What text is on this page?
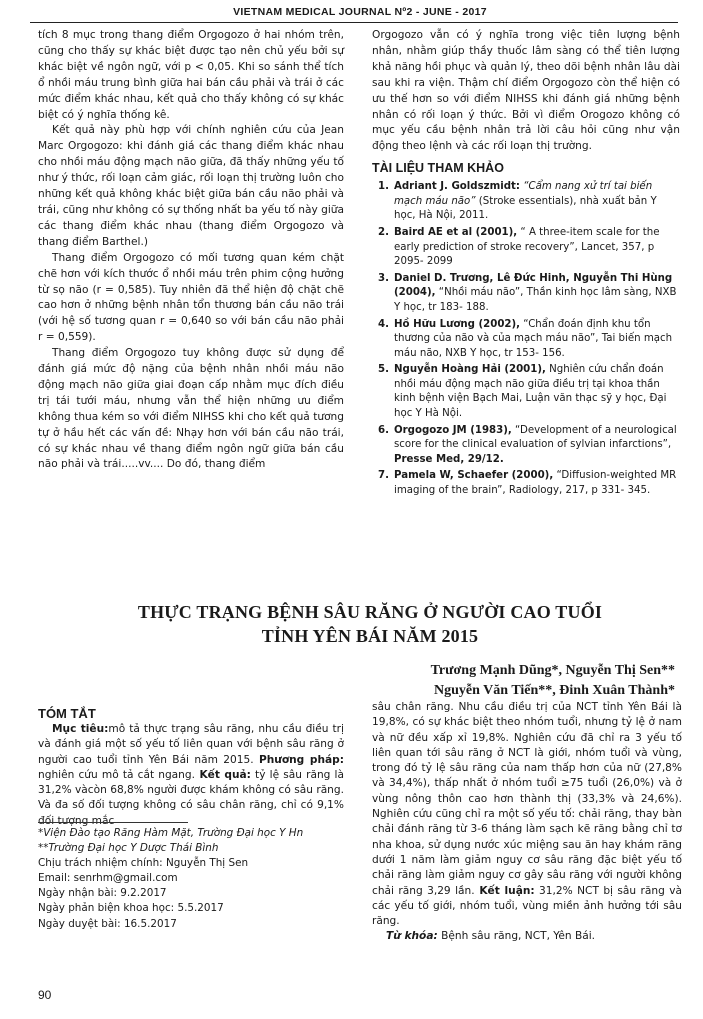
VIETNAM MEDICAL JOURNAL Nº2 - JUNE - 2017

tích 8 mục trong thang điểm Orgogozo ở hai nhóm trên, cũng cho thấy sự khác biệt được tạo nên chủ yếu bởi sự khác biệt về ngôn ngữ, với p < 0,05. Khi so sánh thể tích ổ nhồi máu trung bình giữa hai bán cầu phải và trái ở các mức điểm khác nhau, kết quả cho thấy không có sự khác biệt có ý nghĩa thống kê.

Kết quả này phù hợp với chính nghiên cứu của Jean Marc Orgogozo: khi đánh giá các thang điểm khác nhau cho nhồi máu động mạch não giữa, đã thấy những yếu tố như ý thức, rối loạn cảm giác, rối loạn thị trường luôn cho những kết quả không khác biệt giữa bán cầu não phải và trái, cũng như không có sự thống nhất ba yếu tố này giữa các thang điểm khác nhau (thang điểm Orgogozo và thang điểm Barthel.)

Thang điểm Orgogozo có mối tương quan kém chặt chẽ hơn với kích thước ổ nhồi máu trên phim cộng hưởng từ sọ não (r = 0,585). Tuy nhiên đã thể hiện độ chặt chẽ cao hơn ở những bệnh nhân tổn thương bán cầu não trái (với hệ số tương quan r = 0,640 so với bán cầu não phải r = 0,559).

Thang điểm Orgogozo tuy không được sử dụng để đánh giá mức độ nặng của bệnh nhân nhồi máu não động mạch não giữa giai đoạn cấp nhằm mục đích điều trị tái tưới máu, nhưng vẫn thể hiện những ưu điểm không thua kém so với điểm NIHSS khi cho kết quả tương tự ở hầu hết các vấn đề: Nhạy hơn với bán cầu não trái, có sự khác nhau về thang điểm ngôn ngữ giữa bán cầu não phải và trái.....vv.... Do đó, thang điểm

Orgogozo vẫn có ý nghĩa trong việc tiên lượng bệnh nhân, nhằm giúp thầy thuốc lâm sàng có thể tiên lượng khả năng hồi phục và quản lý, theo dõi bệnh nhân lâu dài sau khi ra viện. Thậm chí điểm Orgogozo còn thể hiện có ưu thế hơn so với điểm NIHSS khi đánh giá những bệnh nhân có rối loạn ý thức. Bởi vì điểm Orogozo không có mục yếu cầu bệnh nhân trả lời câu hỏi cũng như vận động theo lệnh và các rối loạn thị trường.

TÀI LIỆU THAM KHẢO
1. Adriant J. Goldszmidt: “Cẩm nang xử trí tai biến mạch máu não” (Stroke essentials), nhà xuất bản Y học, Hà Nội, 2011.
2. Baird AE et al (2001), “ A three-item scale for the early prediction of stroke recovery”, Lancet, 357, p 2095- 2099
3. Daniel D. Trương, Lê Đức Hinh, Nguyễn Thi Hùng (2004), “Nhồi máu não”, Thần kinh học lâm sàng, NXB Y học, tr 183- 188.
4. Hồ Hữu Lương (2002), “Chẩn đoán định khu tổn thương của não và của mạch máu não”, Tai biến mạch máu não, NXB Y học, tr 153- 156.
5. Nguyễn Hoàng Hải (2001), Nghiên cứu chẩn đoán nhồi máu động mạch não giữa điều trị tại khoa thần kinh bệnh viện Bạch Mai, Luận văn thạc sỹ y học, Đại học Y Hà Nội.
6. Orgogozo JM (1983), “Development of a neurological score for the clinical evaluation of sylvian infarctions”, Presse Med, 29/12.
7. Pamela W, Schaefer (2000), “Diffusion-weighted MR imaging of the brain”, Radiology, 217, p 331- 345.
THỰC TRẠNG BỆNH SÂU RĂNG Ở NGƯỜI CAO TUỔI
TỈNH YÊN BÁI NĂM 2015
Trương Mạnh Dũng*, Nguyễn Thị Sen**
Nguyễn Văn Tiến**, Đinh Xuân Thành*
TÓM TẮT

Mục tiêu:mô tả thực trạng sâu răng, nhu cầu điều trị và đánh giá một số yếu tố liên quan với bệnh sâu răng ở người cao tuổi tỉnh Yên Bái năm 2015. Phương pháp: nghiên cứu mô tả cắt ngang. Kết quả: tỷ lệ sâu răng là 31,2% vàcòn 68,8% người được khám không có sâu răng. Và đa số đối tượng không có sâu chân răng, chỉ có 9,1% đối tượng mắc

sâu chân răng. Nhu cầu điều trị của NCT tỉnh Yên Bái là 19,8%, có sự khác biệt theo nhóm tuổi, nhưng tỷ lệ ở nam và nữ đều xấp xỉ 19,8%. Nghiên cứu đã chỉ ra 3 yếu tố liên quan tới sâu răng ở NCT là giới, nhóm tuổi và vùng, trong đó tỷ lệ sâu răng của nam thấp hơn của nữ (27,8% và 34,4%), thấp nhất ở nhóm tuổi ≥75 tuổi (26,0%) và ở vùng nông thôn cao hơn thành thị (33,3% và 24,6%). Nghiên cứu cũng chỉ ra một số yếu tố: chải răng, thay bàn chải đánh răng từ 3-6 tháng làm sạch kẽ răng bằng chỉ tơ nha khoa, sử dụng nước xúc miệng sau ăn hay khám răng dưới 1 năm làm giảm nguy cơ sâu răng đặc biệt yếu tố chải răng làm giảm nguy cơ gây sâu răng với người không chải răng 3,29 lần. Kết luận: 31,2% NCT bị sâu răng và các yếu tố giới, nhóm tuổi, vùng miền ảnh hưởng tới sâu răng.

Từ khóa: Bệnh sâu răng, NCT, Yên Bái.

*Viện Đào tạo Răng Hàm Mặt, Trường Đại học Y Hn
**Trường Đại học Y Dược Thái Bình
Chịu trách nhiệm chính: Nguyễn Thị Sen
Email: senrhm@gmail.com
Ngày nhận bài: 9.2.2017
Ngày phản biện khoa học: 5.5.2017
Ngày duyệt bài: 16.5.2017
90
